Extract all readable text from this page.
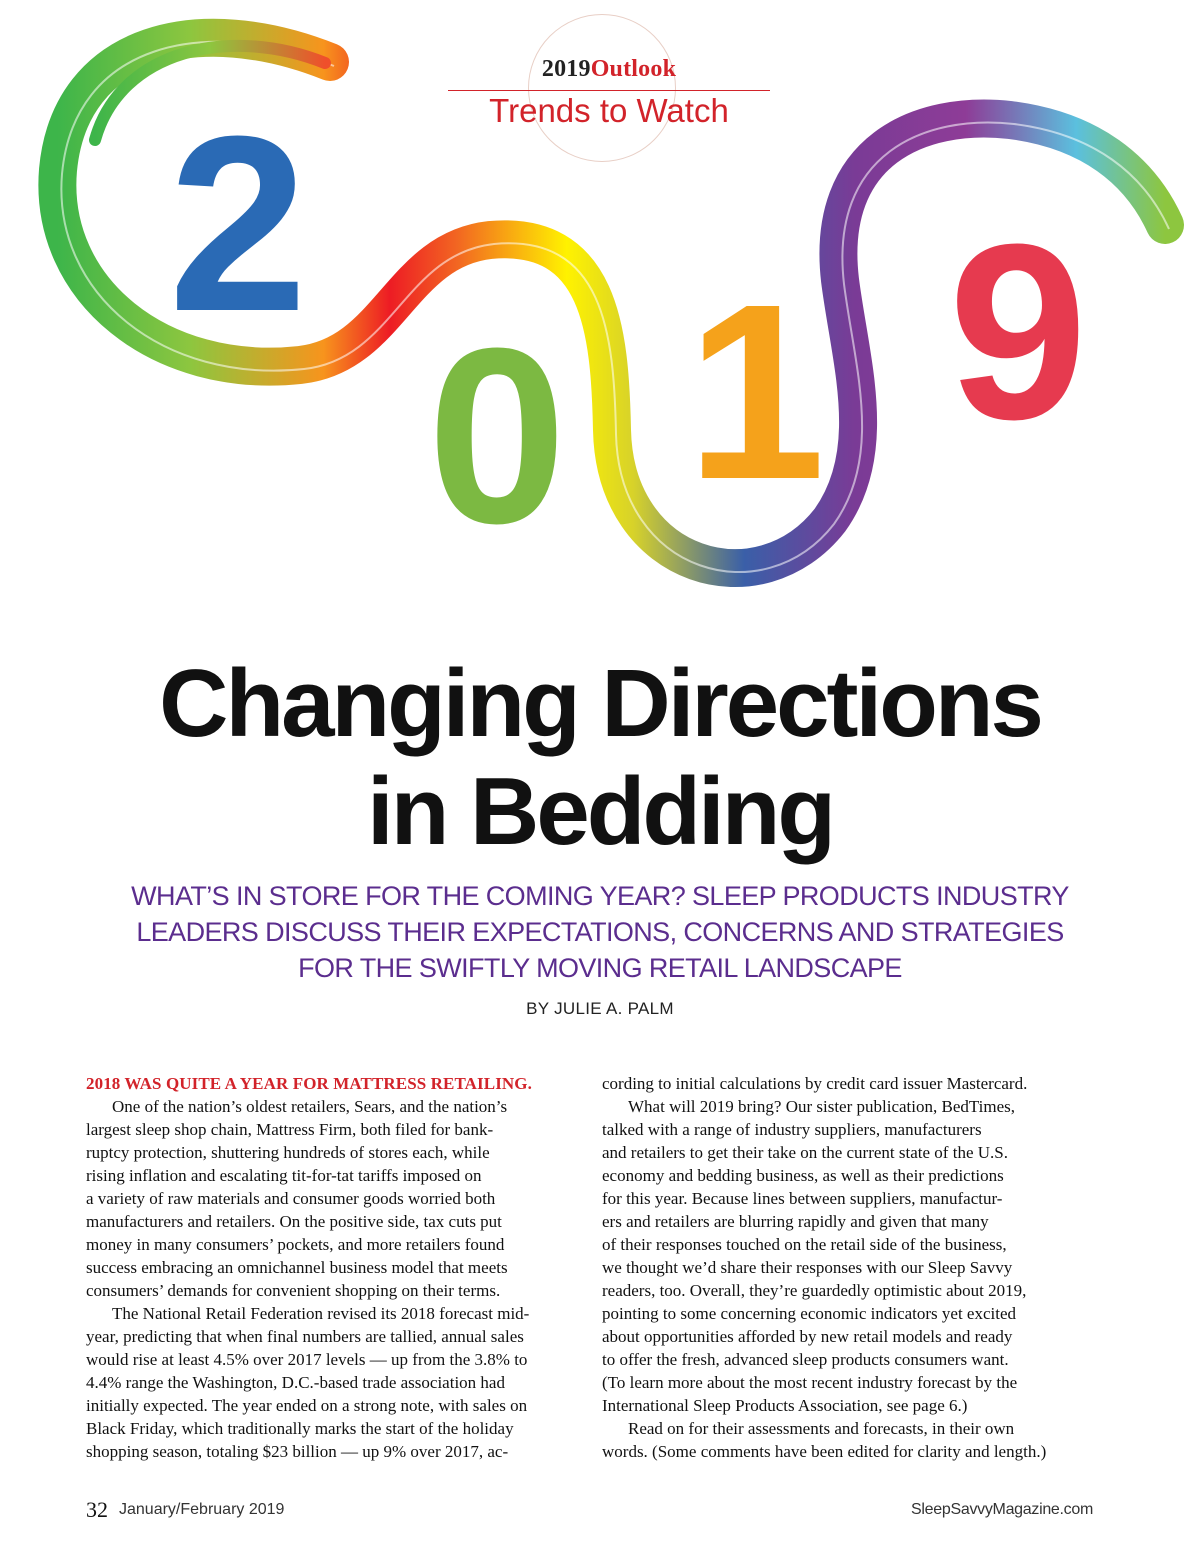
2
0 1 9
2019Outlook
Trends to Watch
Changing Directions
in Bedding
WHAT’S IN STORE FOR THE COMING YEAR? SLEEP PRODUCTS INDUSTRY
LEADERS DISCUSS THEIR EXPECTATIONS, CONCERNS AND STRATEGIES
FOR THE SWIFTLY MOVING RETAIL LANDSCAPE
BY JULIE A. PALM
2018 WAS QUITE A YEAR FOR MATTRESS RETAILING.
One of the nation’s oldest retailers, Sears, and the nation’s
largest sleep shop chain, Mattress Firm, both filed for bank-
ruptcy protection, shuttering hundreds of stores each, while
rising inflation and escalating tit-for-tat tariffs imposed on
a variety of raw materials and consumer goods worried both
manufacturers and retailers. On the positive side, tax cuts put
money in many consumers’ pockets, and more retailers found
success embracing an omnichannel business model that meets
consumers’ demands for convenient shopping on their terms.
The National Retail Federation revised its 2018 forecast mid-
year, predicting that when final numbers are tallied, annual sales
would rise at least 4.5% over 2017 levels — up from the 3.8% to
4.4% range the Washington, D.C.-based trade association had
initially expected. The year ended on a strong note, with sales on
Black Friday, which traditionally marks the start of the holiday
shopping season, totaling $23 billion — up 9% over 2017, ac-
cording to initial calculations by credit card issuer Mastercard.
What will 2019 bring? Our sister publication, BedTimes,
talked with a range of industry suppliers, manufacturers
and retailers to get their take on the current state of the U.S.
economy and bedding business, as well as their predictions
for this year. Because lines between suppliers, manufactur-
ers and retailers are blurring rapidly and given that many
of their responses touched on the retail side of the business,
we thought we’d share their responses with our Sleep Savvy
readers, too. Overall, they’re guardedly optimistic about 2019,
pointing to some concerning economic indicators yet excited
about opportunities afforded by new retail models and ready
to offer the fresh, advanced sleep products consumers want.
(To learn more about the most recent industry forecast by the
International Sleep Products Association, see page 6.)
Read on for their assessments and forecasts, in their own
words. (Some comments have been edited for clarity and length.)
32 January/February 2019	SleepSavvyMagazine.com
